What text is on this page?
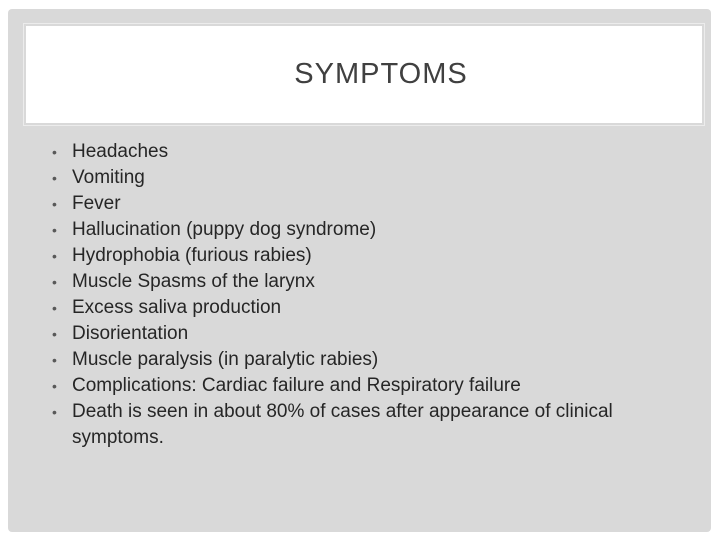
SYMPTOMS
• Headaches
• Vomiting
• Fever
• Hallucination (puppy dog syndrome)
• Hydrophobia (furious rabies)
• Muscle Spasms of the larynx
• Excess saliva production
• Disorientation
• Muscle paralysis (in paralytic rabies)
• Complications: Cardiac failure and Respiratory failure
• Death is seen in about 80% of cases after appearance of clinical symptoms.
